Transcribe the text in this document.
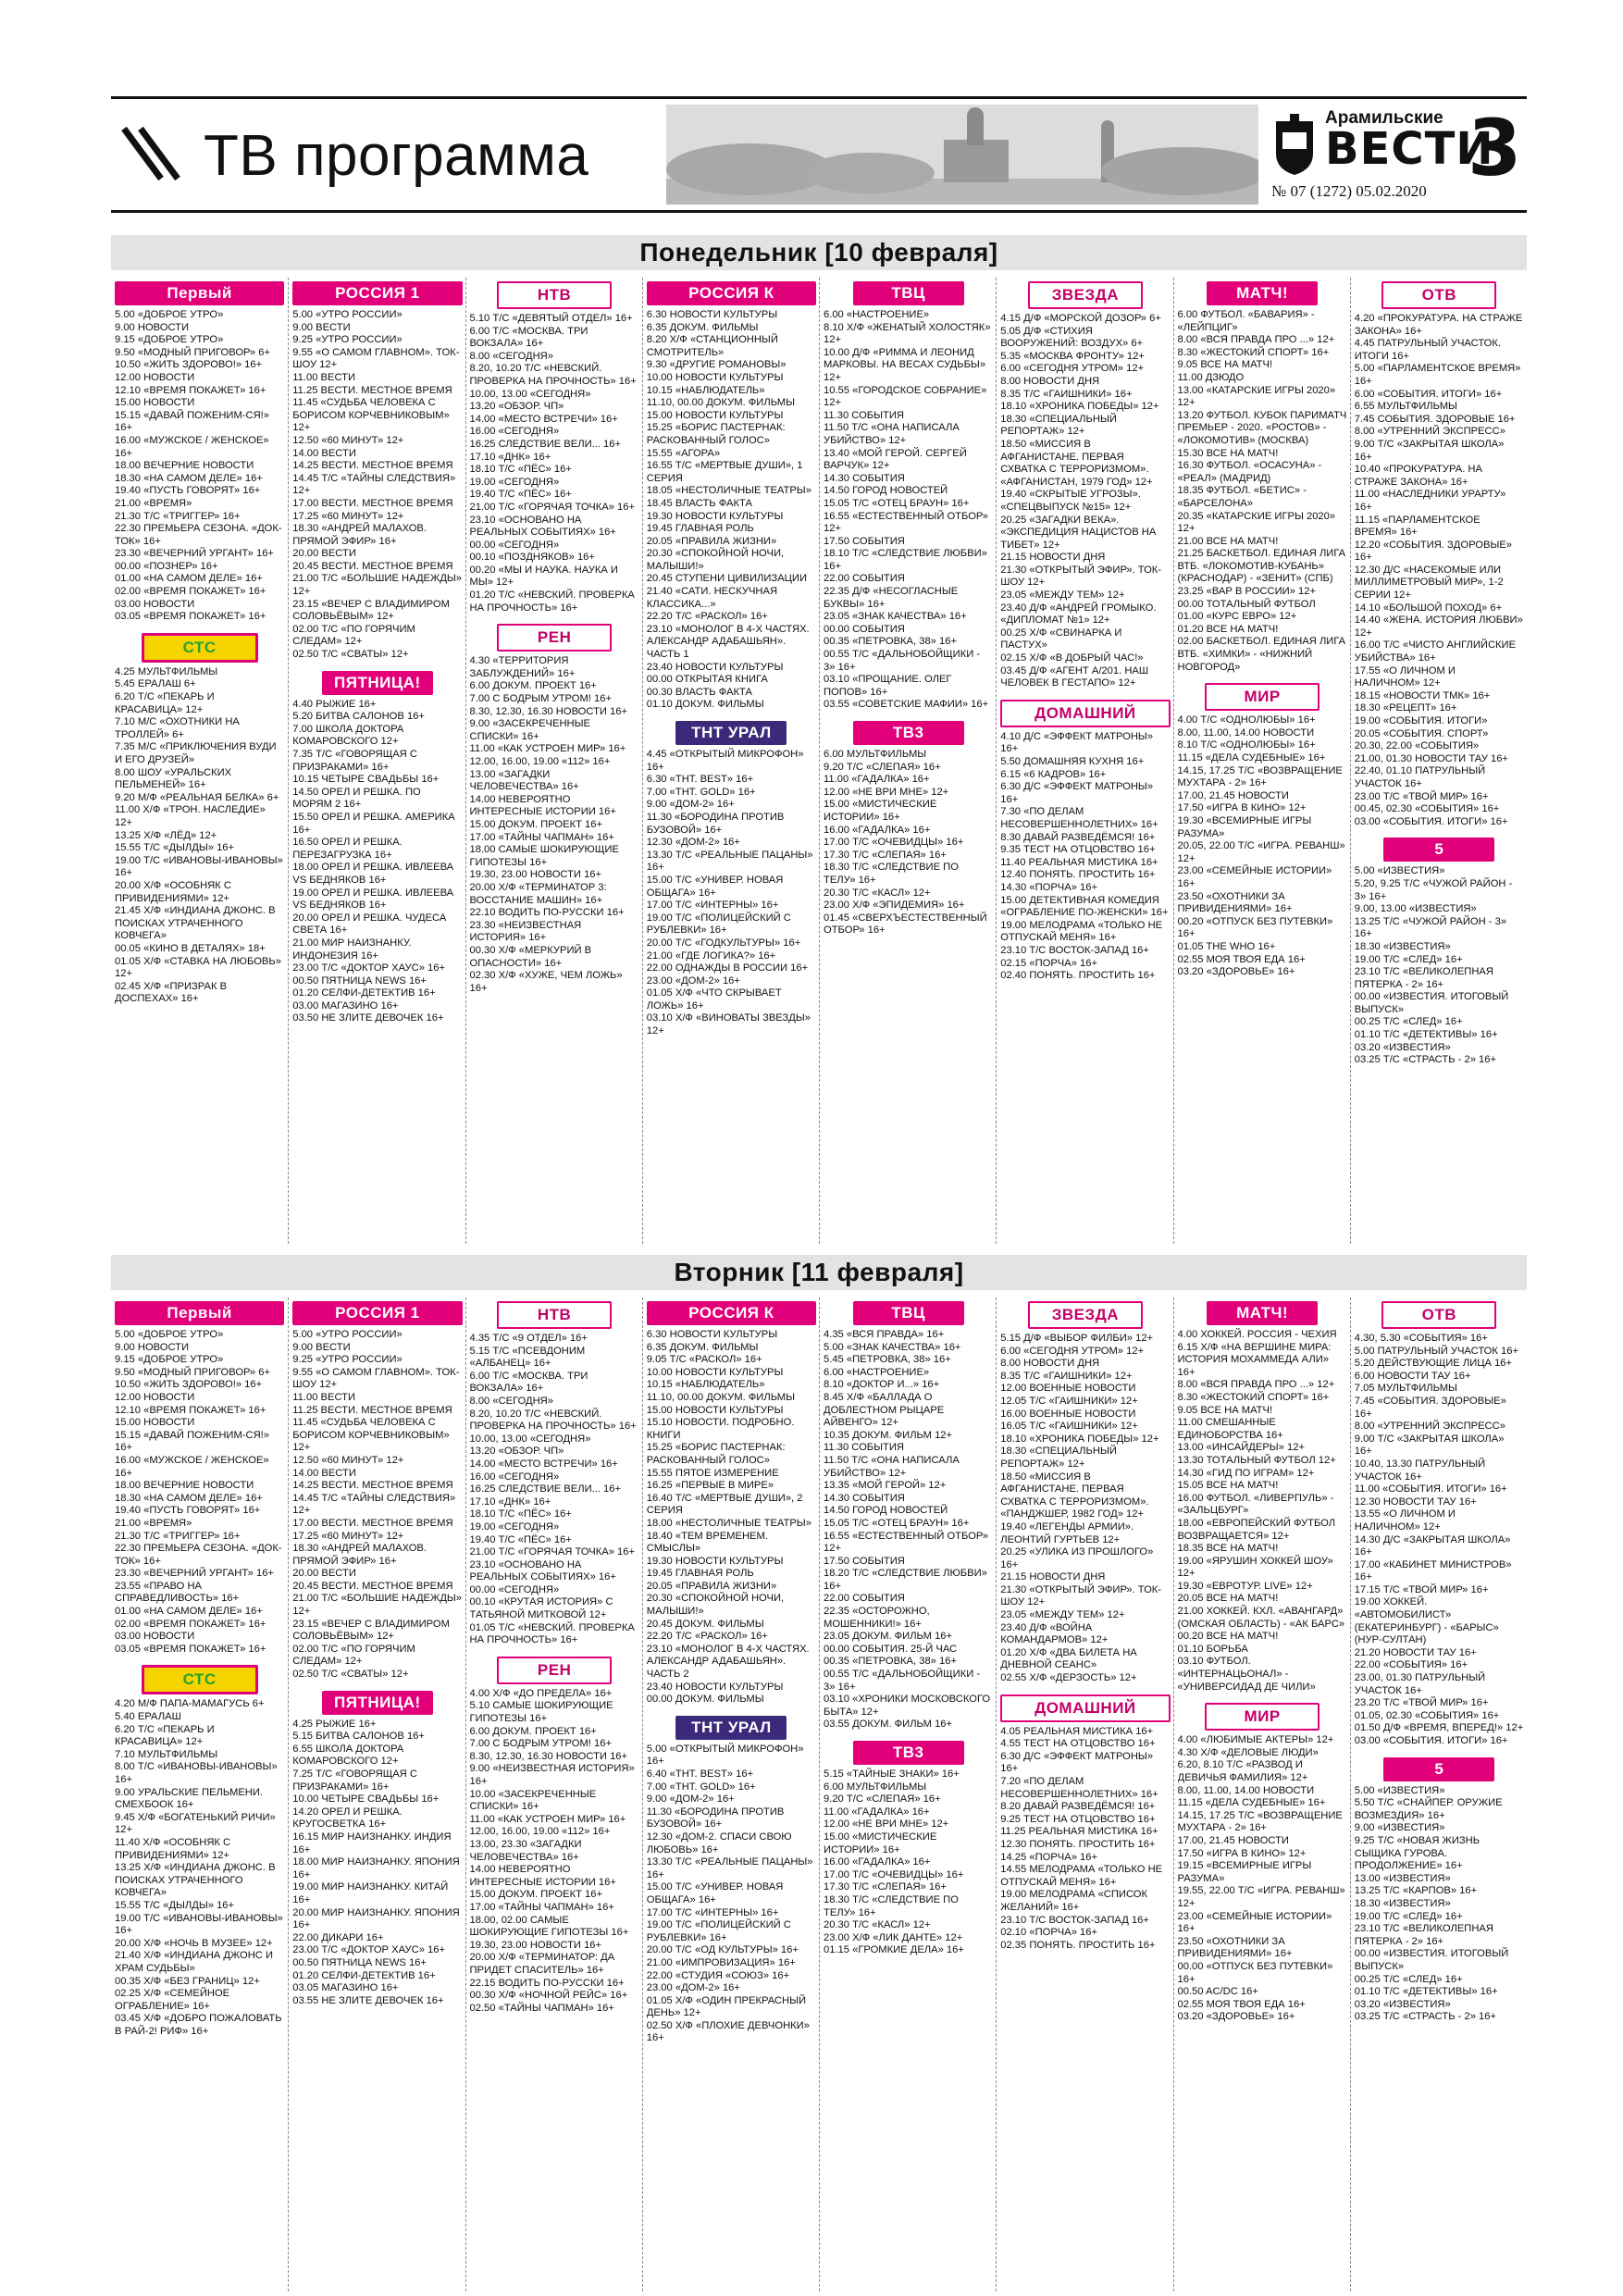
ТВ программа
Арамильские
ВЕСТИ
№ 07 (1272) 05.02.2020 3
Понедельник [10 февраля]
Первый
5.00 «ДОБРОЕ УТРО»
9.00 НОВОСТИ
9.15 «ДОБРОЕ УТРО»
9.50 «МОДНЫЙ ПРИГОВОР» 6+
10.50 «ЖИТЬ ЗДОРОВО!» 16+
12.00 НОВОСТИ
12.10 «ВРЕМЯ ПОКАЖЕТ» 16+
15.00 НОВОСТИ
15.15 «ДАВАЙ ПОЖЕНИМ-СЯ!» 16+
16.00 «МУЖСКОЕ / ЖЕНСКОЕ» 16+
18.00 ВЕЧЕРНИЕ НОВОСТИ
18.30 «НА САМОМ ДЕЛЕ» 16+
19.40 «ПУСТЬ ГОВОРЯТ» 16+
21.00 «ВРЕМЯ»
21.30 Т/С «ТРИГГЕР» 16+
22.30 ПРЕМЬЕРА СЕЗОНА. «ДОК-ТОК» 16+
23.30 «ВЕЧЕРНИЙ УРГАНТ» 16+
00.00 «ПОЗНЕР» 16+
01.00 «НА САМОМ ДЕЛЕ» 16+
02.00 «ВРЕМЯ ПОКАЖЕТ» 16+
03.00 НОВОСТИ
03.05 «ВРЕМЯ ПОКАЖЕТ» 16+
СТС
4.25 МУЛЬТФИЛЬМЫ
5.45 ЕРАЛАШ 6+
6.20 Т/С «ПЕКАРЬ И КРАСАВИЦА» 12+
7.10 М/С «ОХОТНИКИ НА ТРОЛЛЕЙ» 6+
7.35 М/С «ПРИКЛЮЧЕНИЯ ВУДИ И ЕГО ДРУЗЕЙ»
8.00 ШОУ «УРАЛЬСКИХ ПЕЛЬМЕНЕЙ» 16+
9.20 М/Ф «РЕАЛЬНАЯ БЕЛКА» 6+
11.00 Х/Ф «ТРОН. НАСЛЕДИЕ» 12+
13.25 Х/Ф «ЛЁД» 12+
15.55 Т/С «ДЫЛДЫ» 16+
19.00 Т/С «ИВАНОВЫ-ИВАНОВЫ» 16+
20.00 Х/Ф «ОСОБНЯК С ПРИВИДЕНИЯМИ» 12+
21.45 Х/Ф «ИНДИАНА ДЖОНС. В ПОИСКАХ УТРАЧЕННОГО КОВЧЕГА»
00.05 «КИНО В ДЕТАЛЯХ» 18+
01.05 Х/Ф «СТАВКА НА ЛЮБОВЬ» 12+
02.45 Х/Ф «ПРИЗРАК В ДОСПЕХАХ» 16+
РОССИЯ 1
5.00 «УТРО РОССИИ»
9.00 ВЕСТИ
9.25 «УТРО РОССИИ»
9.55 «О САМОМ ГЛАВНОМ». ТОК-ШОУ 12+
11.00 ВЕСТИ
11.25 ВЕСТИ. МЕСТНОЕ ВРЕМЯ
11.45 «СУДЬБА ЧЕЛОВЕКА С БОРИСОМ КОРЧЕВНИКОВЫМ» 12+
12.50 «60 МИНУТ» 12+
14.00 ВЕСТИ
14.25 ВЕСТИ. МЕСТНОЕ ВРЕМЯ
14.45 Т/С «ТАЙНЫ СЛЕДСТВИЯ» 12+
17.00 ВЕСТИ. МЕСТНОЕ ВРЕМЯ
17.25 «60 МИНУТ» 12+
18.30 «АНДРЕЙ МАЛАХОВ. ПРЯМОЙ ЭФИР» 16+
20.00 ВЕСТИ
20.45 ВЕСТИ. МЕСТНОЕ ВРЕМЯ
21.00 Т/С «БОЛЬШИЕ НАДЕЖДЫ» 12+
23.15 «ВЕЧЕР С ВЛАДИМИРОМ СОЛОВЬЁВЫМ» 12+
02.00 Т/С «ПО ГОРЯЧИМ СЛЕДАМ» 12+
02.50 Т/С «СВАТЫ» 12+
ПЯТНИЦА!
4.40 РЫЖИЕ 16+
5.20 БИТВА САЛОНОВ 16+
7.00 ШКОЛА ДОКТОРА КОМАРОВСКОГО 12+
7.35 Т/С «ГОВОРЯЩАЯ С ПРИЗРАКАМИ» 16+
10.15 ЧЕТЫРЕ СВАДЬБЫ 16+
14.50 ОРЕЛ И РЕШКА. ПО МОРЯМ 2 16+
15.50 ОРЕЛ И РЕШКА. АМЕРИКА 16+
16.50 ОРЕЛ И РЕШКА. ПЕРЕЗАГРУЗКА 16+
18.00 ОРЕЛ И РЕШКА. ИВЛЕЕВА VS БЕДНЯКОВ 16+
19.00 ОРЕЛ И РЕШКА. ИВЛЕЕВА VS БЕДНЯКОВ 16+
20.00 ОРЕЛ И РЕШКА. ЧУДЕСА СВЕТА 16+
21.00 МИР НАИЗНАНКУ. ИНДОНЕЗИЯ 16+
23.00 Т/С «ДОКТОР ХАУС» 16+
00.50 ПЯТНИЦА NEWS 16+
01.20 СЕЛФИ-ДЕТЕКТИВ 16+
03.00 МАГАЗИНО 16+
03.50 НЕ ЗЛИТЕ ДЕВОЧЕК 16+
НТВ
5.10 Т/С «ДЕВЯТЫЙ ОТДЕЛ» 16+
6.00 Т/С «МОСКВА. ТРИ ВОКЗАЛА» 16+
8.00 «СЕГОДНЯ»
8.20, 10.20 Т/С «НЕВСКИЙ. ПРОВЕРКА НА ПРОЧНОСТЬ» 16+
10.00, 13.00 «СЕГОДНЯ»
13.20 «ОБЗОР. ЧП»
14.00 «МЕСТО ВСТРЕЧИ» 16+
16.00 «СЕГОДНЯ»
16.25 СЛЕДСТВИЕ ВЕЛИ... 16+
17.10 «ДНК» 16+
18.10 Т/С «ПЁС» 16+
19.00 «СЕГОДНЯ»
19.40 Т/С «ПЁС» 16+
21.00 Т/С «ГОРЯЧАЯ ТОЧКА» 16+
23.10 «ОСНОВАНО НА РЕАЛЬНЫХ СОБЫТИЯХ» 16+
00.00 «СЕГОДНЯ»
00.10 «ПОЗДНЯКОВ» 16+
00.20 «МЫ И НАУКА. НАУКА И МЫ» 12+
01.20 Т/С «НЕВСКИЙ. ПРОВЕРКА НА ПРОЧНОСТЬ» 16+
РЕН
4.30 «ТЕРРИТОРИЯ ЗАБЛУЖДЕНИЙ» 16+
6.00 ДОКУМ. ПРОЕКТ 16+
7.00 С БОДРЫМ УТРОМ! 16+
8.30, 12.30, 16.30 НОВОСТИ 16+
9.00 «ЗАСЕКРЕЧЕННЫЕ СПИСКИ» 16+
11.00 «КАК УСТРОЕН МИР» 16+
12.00, 16.00, 19.00 «112» 16+
13.00 «ЗАГАДКИ ЧЕЛОВЕЧЕСТВА» 16+
14.00 НЕВЕРОЯТНО ИНТЕРЕСНЫЕ ИСТОРИИ 16+
15.00 ДОКУМ. ПРОЕКТ 16+
17.00 «ТАЙНЫ ЧАПМАН» 16+
18.00 САМЫЕ ШОКИРУЮЩИЕ ГИПОТЕЗЫ 16+
19.30, 23.00 НОВОСТИ 16+
20.00 Х/Ф «ТЕРМИНАТОР 3: ВОССТАНИЕ МАШИН» 16+
22.10 ВОДИТЬ ПО-РУССКИ 16+
23.30 «НЕИЗВЕСТНАЯ ИСТОРИЯ» 16+
00.30 Х/Ф «МЕРКУРИЙ В ОПАСНОСТИ» 16+
02.30 Х/Ф «ХУЖЕ, ЧЕМ ЛОЖЬ» 16+
РОССИЯ К
6.30 НОВОСТИ КУЛЬТУРЫ
6.35 ДОКУМ. ФИЛЬМЫ
8.20 Х/Ф «СТАНЦИОННЫЙ СМОТРИТЕЛЬ»
9.30 «ДРУГИЕ РОМАНОВЫ»
10.00 НОВОСТИ КУЛЬТУРЫ
10.15 «НАБЛЮДАТЕЛЬ»
11.10, 00.00 ДОКУМ. ФИЛЬМЫ
15.00 НОВОСТИ КУЛЬТУРЫ
15.25 «БОРИС ПАСТЕРНАК: РАСКОВАННЫЙ ГОЛОС»
15.55 «АГОРА»
16.55 Т/С «МЕРТВЫЕ ДУШИ», 1 СЕРИЯ
18.05 «НЕСТОЛИЧНЫЕ ТЕАТРЫ»
18.45 ВЛАСТЬ ФАКТА
19.30 НОВОСТИ КУЛЬТУРЫ
19.45 ГЛАВНАЯ РОЛЬ
20.05 «ПРАВИЛА ЖИЗНИ»
20.30 «СПОКОЙНОЙ НОЧИ, МАЛЫШИ!»
20.45 СТУПЕНИ ЦИВИЛИЗАЦИИ
21.40 «САТИ. НЕСКУЧНАЯ КЛАССИКА...»
22.20 Т/С «РАСКОЛ» 16+
23.10 «МОНОЛОГ В 4-Х ЧАСТЯХ. АЛЕКСАНДР АДАБАШЬЯН». ЧАСТЬ 1
23.40 НОВОСТИ КУЛЬТУРЫ
00.00 ОТКРЫТАЯ КНИГА
00.30 ВЛАСТЬ ФАКТА
01.10 ДОКУМ. ФИЛЬМЫ
ТНТ УРАЛ
4.45 «ОТКРЫТЫЙ МИКРОФОН» 16+
6.30 «ТНТ. BEST» 16+
7.00 «ТНТ. GOLD» 16+
9.00 «ДОМ-2» 16+
11.30 «БОРОДИНА ПРОТИВ БУЗОВОЙ» 16+
12.30 «ДОМ-2» 16+
13.30 Т/С «РЕАЛЬНЫЕ ПАЦАНЫ» 16+
15.00 Т/С «УНИВЕР. НОВАЯ ОБЩАГА» 16+
17.00 Т/С «ИНТЕРНЫ» 16+
19.00 Т/С «ПОЛИЦЕЙСКИЙ С РУБЛЕВКИ» 16+
20.00 Т/С «ГОДКУЛЬТУРЫ» 16+
21.00 «ГДЕ ЛОГИКА?» 16+
22.00 ОДНАЖДЫ В РОССИИ 16+
23.00 «ДОМ-2» 16+
01.05 Х/Ф «ЧТО СКРЫВАЕТ ЛОЖЬ» 16+
03.10 Х/Ф «ВИНОВАТЫ ЗВЕЗДЫ» 12+
ТВЦ
6.00 «НАСТРОЕНИЕ»
8.10 Х/Ф «ЖЕНАТЫЙ ХОЛОСТЯК» 12+
10.00 Д/Ф «РИММА И ЛЕОНИД МАРКОВЫ. НА ВЕСАХ СУДЬБЫ» 12+
10.55 «ГОРОДСКОЕ СОБРАНИЕ» 12+
11.30 СОБЫТИЯ
11.50 Т/С «ОНА НАПИСАЛА УБИЙСТВО» 12+
13.40 «МОЙ ГЕРОЙ. СЕРГЕЙ ВАРЧУК» 12+
14.30 СОБЫТИЯ
14.50 ГОРОД НОВОСТЕЙ
15.05 Т/С «ОТЕЦ БРАУН» 16+
16.55 «ЕСТЕСТВЕННЫЙ ОТБОР» 12+
17.50 СОБЫТИЯ
18.10 Т/С «СЛЕДСТВИЕ ЛЮБВИ» 16+
22.00 СОБЫТИЯ
22.35 Д/Ф «НЕСОГЛАСНЫЕ БУКВЫ» 16+
23.05 «ЗНАК КАЧЕСТВА» 16+
00.00 СОБЫТИЯ
00.35 «ПЕТРОВКА, 38» 16+
00.55 Т/С «ДАЛЬНОБОЙЩИКИ - 3» 16+
03.10 «ПРОЩАНИЕ. ОЛЕГ ПОПОВ» 16+
03.55 «СОВЕТСКИЕ МАФИИ» 16+
ТВ3
6.00 МУЛЬТФИЛЬМЫ
9.20 Т/С «СЛЕПАЯ» 16+
11.00 «ГАДАЛКА» 16+
12.00 «НЕ ВРИ МНЕ» 12+
15.00 «МИСТИЧЕСКИЕ ИСТОРИИ» 16+
16.00 «ГАДАЛКА» 16+
17.00 Т/С «ОЧЕВИДЦЫ» 16+
17.30 Т/С «СЛЕПАЯ» 16+
18.30 Т/С «СЛЕДСТВИЕ ПО ТЕЛУ» 16+
20.30 Т/С «КАСЛ» 12+
23.00 Х/Ф «ЭПИДЕМИЯ» 16+
01.45 «СВЕРХЪЕСТЕСТВЕННЫЙ ОТБОР» 16+
ЗВЕЗДА
4.15 Д/Ф «МОРСКОЙ ДОЗОР» 6+
5.05 Д/Ф «СТИХИЯ ВООРУЖЕНИЙ: ВОЗДУХ» 6+
5.35 «МОСКВА ФРОНТУ» 12+
6.00 «СЕГОДНЯ УТРОМ» 12+
8.00 НОВОСТИ ДНЯ
8.35 Т/С «ГАИШНИКИ» 16+
18.10 «ХРОНИКА ПОБЕДЫ» 12+
18.30 «СПЕЦИАЛЬНЫЙ РЕПОРТАЖ» 12+
18.50 «МИССИЯ В АФГАНИСТАНЕ. ПЕРВАЯ СХВАТКА С ТЕРРОРИЗМОМ». «АФГАНИСТАН, 1979 ГОД» 12+
19.40 «СКРЫТЫЕ УГРОЗЫ». «СПЕЦВЫПУСК №15» 12+
20.25 «ЗАГАДКИ ВЕКА». «ЭКСПЕДИЦИЯ НАЦИСТОВ НА ТИБЕТ» 12+
21.15 НОВОСТИ ДНЯ
21.30 «ОТКРЫТЫЙ ЭФИР». ТОК-ШОУ 12+
23.05 «МЕЖДУ ТЕМ» 12+
23.40 Д/Ф «АНДРЕЙ ГРОМЫКО. «ДИПЛОМАТ №1» 12+
00.25 Х/Ф «СВИНАРКА И ПАСТУХ»
02.15 Х/Ф «В ДОБРЫЙ ЧАС!»
03.45 Д/Ф «АГЕНТ А/201. НАШ ЧЕЛОВЕК В ГЕСТАПО» 12+
ДОМАШНИЙ
4.10 Д/С «ЭФФЕКТ МАТРОНЫ» 16+
5.50 ДОМАШНЯЯ КУХНЯ 16+
6.15 «6 КАДРОВ» 16+
6.30 Д/С «ЭФФЕКТ МАТРОНЫ» 16+
7.30 «ПО ДЕЛАМ НЕСОВЕРШЕННОЛЕТНИХ» 16+
8.30 ДАВАЙ РАЗВЕДЁМСЯ! 16+
9.35 ТЕСТ НА ОТЦОВСТВО 16+
11.40 РЕАЛЬНАЯ МИСТИКА 16+
12.40 ПОНЯТЬ. ПРОСТИТЬ 16+
14.30 «ПОРЧА» 16+
15.00 ДЕТЕКТИВНАЯ КОМЕДИЯ «ОГРАБЛЕНИЕ ПО-ЖЕНСКИ» 16+
19.00 МЕЛОДРАМА «ТОЛЬКО НЕ ОТПУСКАЙ МЕНЯ» 16+
23.10 Т/С ВОСТОК-ЗАПАД 16+
02.15 «ПОРЧА» 16+
02.40 ПОНЯТЬ. ПРОСТИТЬ 16+
МАТЧ!
6.00 ФУТБОЛ. «БАВАРИЯ» - «ЛЕЙПЦИГ»
8.00 «ВСЯ ПРАВДА ПРО ...» 12+
8.30 «ЖЕСТОКИЙ СПОРТ» 16+
9.05 ВСЕ НА МАТЧ!
11.00 ДЗЮДО
13.00 «КАТАРСКИЕ ИГРЫ 2020» 12+
13.20 ФУТБОЛ. КУБОК ПАРИМАТЧ ПРЕМЬЕР - 2020. «РОСТОВ» - «ЛОКОМОТИВ» (МОСКВА)
15.30 ВСЕ НА МАТЧ!
16.30 ФУТБОЛ. «ОСАСУНА» - «РЕАЛ» (МАДРИД)
18.35 ФУТБОЛ. «БЕТИС» - «БАРСЕЛОНА»
20.35 «КАТАРСКИЕ ИГРЫ 2020» 12+
21.00 ВСЕ НА МАТЧ!
21.25 БАСКЕТБОЛ. ЕДИНАЯ ЛИГА ВТБ. «ЛОКОМОТИВ-КУБАНЬ» (КРАСНОДАР) - «ЗЕНИТ» (СПБ)
23.25 «ВАР В РОССИИ» 12+
00.00 ТОТАЛЬНЫЙ ФУТБОЛ
01.00 «КУРС ЕВРО» 12+
01.20 ВСЕ НА МАТЧ!
02.00 БАСКЕТБОЛ. ЕДИНАЯ ЛИГА ВТБ. «ХИМКИ» - «НИЖНИЙ НОВГОРОД»
МИР
4.00 Т/С «ОДНОЛЮБЫ» 16+
8.00, 11.00, 14.00 НОВОСТИ
8.10 Т/С «ОДНОЛЮБЫ» 16+
11.15 «ДЕЛА СУДЕБНЫЕ» 16+
14.15, 17.25 Т/С «ВОЗВРАЩЕНИЕ МУХТАРА - 2» 16+
17.00, 21.45 НОВОСТИ
17.50 «ИГРА В КИНО» 12+
19.30 «ВСЕМИРНЫЕ ИГРЫ РАЗУМА»
20.05, 22.00 Т/С «ИГРА. РЕВАНШ» 12+
23.00 «СЕМЕЙНЫЕ ИСТОРИИ» 16+
23.50 «ОХОТНИКИ ЗА ПРИВИДЕНИЯМИ» 16+
00.20 «ОТПУСК БЕЗ ПУТЕВКИ» 16+
01.05 THE WHO 16+
02.55 МОЯ ТВОЯ ЕДА 16+
03.20 «ЗДОРОВЬЕ» 16+
ОТВ
4.20 «ПРОКУРАТУРА. НА СТРАЖЕ ЗАКОНА» 16+
4.45 ПАТРУЛЬНЫЙ УЧАСТОК. ИТОГИ 16+
5.00 «ПАРЛАМЕНТСКОЕ ВРЕМЯ» 16+
6.00 «СОБЫТИЯ. ИТОГИ» 16+
6.55 МУЛЬТФИЛЬМЫ
7.45 СОБЫТИЯ. ЗДОРОВЫЕ 16+
8.00 «УТРЕННИЙ ЭКСПРЕСС»
9.00 Т/С «ЗАКРЫТАЯ ШКОЛА» 16+
10.40 «ПРОКУРАТУРА. НА СТРАЖЕ ЗАКОНА» 16+
11.00 «НАСЛЕДНИКИ УРАРТУ» 16+
11.15 «ПАРЛАМЕНТСКОЕ ВРЕМЯ» 16+
12.20 «СОБЫТИЯ. ЗДОРОВЫЕ» 16+
12.30 Д/С «НАСЕКОМЫЕ ИЛИ МИЛЛИМЕТРОВЫЙ МИР», 1-2 СЕРИИ 12+
14.10 «БОЛЬШОЙ ПОХОД» 6+
14.40 «ЖЕНА. ИСТОРИЯ ЛЮБВИ» 12+
16.00 Т/С «ЧИСТО АНГЛИЙСКИЕ УБИЙСТВА» 16+
17.55 «О ЛИЧНОМ И НАЛИЧНОМ» 12+
18.15 «НОВОСТИ ТМК» 16+
18.30 «РЕЦЕПТ» 16+
19.00 «СОБЫТИЯ. ИТОГИ»
20.05 «СОБЫТИЯ. СПОРТ»
20.30, 22.00 «СОБЫТИЯ»
21.00, 01.30 НОВОСТИ ТАУ 16+
22.40, 01.10 ПАТРУЛЬНЫЙ УЧАСТОК 16+
23.00 Т/С «ТВОЙ МИР» 16+
00.45, 02.30 «СОБЫТИЯ» 16+
03.00 «СОБЫТИЯ. ИТОГИ» 16+
5
5.00 «ИЗВЕСТИЯ»
5.20, 9.25 Т/С «ЧУЖОЙ РАЙОН - 3» 16+
9.00, 13.00 «ИЗВЕСТИЯ»
13.25 Т/С «ЧУЖОЙ РАЙОН - 3» 16+
18.30 «ИЗВЕСТИЯ»
19.00 Т/С «СЛЕД» 16+
23.10 Т/С «ВЕЛИКОЛЕПНАЯ ПЯТЕРКА - 2» 16+
00.00 «ИЗВЕСТИЯ. ИТОГОВЫЙ ВЫПУСК»
00.25 Т/С «СЛЕД» 16+
01.10 Т/С «ДЕТЕКТИВЫ» 16+
03.20 «ИЗВЕСТИЯ»
03.25 Т/С «СТРАСТЬ - 2» 16+
Вторник [11 февраля]
Первый
5.00 «ДОБРОЕ УТРО»
9.00 НОВОСТИ
9.15 «ДОБРОЕ УТРО»
9.50 «МОДНЫЙ ПРИГОВОР» 6+
10.50 «ЖИТЬ ЗДОРОВО!» 16+
12.00 НОВОСТИ
12.10 «ВРЕМЯ ПОКАЖЕТ» 16+
15.00 НОВОСТИ
15.15 «ДАВАЙ ПОЖЕНИМ-СЯ!» 16+
16.00 «МУЖСКОЕ / ЖЕНСКОЕ» 16+
18.00 ВЕЧЕРНИЕ НОВОСТИ
18.30 «НА САМОМ ДЕЛЕ» 16+
19.40 «ПУСТЬ ГОВОРЯТ» 16+
21.00 «ВРЕМЯ»
21.30 Т/С «ТРИГГЕР» 16+
22.30 ПРЕМЬЕРА СЕЗОНА. «ДОК-ТОК» 16+
23.30 «ВЕЧЕРНИЙ УРГАНТ» 16+
23.55 «ПРАВО НА СПРАВЕДЛИВОСТЬ» 16+
01.00 «НА САМОМ ДЕЛЕ» 16+
02.00 «ВРЕМЯ ПОКАЖЕТ» 16+
03.00 НОВОСТИ
03.05 «ВРЕМЯ ПОКАЖЕТ» 16+
СТС
4.20 М/Ф ПАПА-МАМАГУСЬ 6+
5.40 ЕРАЛАШ
6.20 Т/С «ПЕКАРЬ И КРАСАВИЦА» 12+
7.10 МУЛЬТФИЛЬМЫ
8.00 Т/С «ИВАНОВЫ-ИВАНОВЫ» 16+
9.00 УРАЛЬСКИЕ ПЕЛЬМЕНИ. СМЕХБООК 16+
9.45 Х/Ф «БОГАТЕНЬКИЙ РИЧИ» 12+
11.40 Х/Ф «ОСОБНЯК С ПРИВИДЕНИЯМИ» 12+
13.25 Х/Ф «ИНДИАНА ДЖОНС. В ПОИСКАХ УТРАЧЕННОГО КОВЧЕГА»
15.55 Т/С «ДЫЛДЫ» 16+
19.00 Т/С «ИВАНОВЫ-ИВАНОВЫ» 16+
20.00 Х/Ф «НОЧЬ В МУЗЕЕ» 12+
21.40 Х/Ф «ИНДИАНА ДЖОНС И ХРАМ СУДЬБЫ»
00.35 Х/Ф «БЕЗ ГРАНИЦ» 12+
02.25 Х/Ф «СЕМЕЙНОЕ ОГРАБЛЕНИЕ» 16+
03.45 Х/Ф «ДОБРО ПОЖАЛОВАТЬ В РАЙ-2! РИФ» 16+
РОССИЯ 1
5.00 «УТРО РОССИИ»
9.00 ВЕСТИ
9.25 «УТРО РОССИИ»
9.55 «О САМОМ ГЛАВНОМ». ТОК-ШОУ 12+
11.00 ВЕСТИ
11.25 ВЕСТИ. МЕСТНОЕ ВРЕМЯ
11.45 «СУДЬБА ЧЕЛОВЕКА С БОРИСОМ КОРЧЕВНИКОВЫМ» 12+
12.50 «60 МИНУТ» 12+
14.00 ВЕСТИ
14.25 ВЕСТИ. МЕСТНОЕ ВРЕМЯ
14.45 Т/С «ТАЙНЫ СЛЕДСТВИЯ» 12+
17.00 ВЕСТИ. МЕСТНОЕ ВРЕМЯ
17.25 «60 МИНУТ» 12+
18.30 «АНДРЕЙ МАЛАХОВ. ПРЯМОЙ ЭФИР» 16+
20.00 ВЕСТИ
20.45 ВЕСТИ. МЕСТНОЕ ВРЕМЯ
21.00 Т/С «БОЛЬШИЕ НАДЕЖДЫ» 12+
23.15 «ВЕЧЕР С ВЛАДИМИРОМ СОЛОВЬЁВЫМ» 12+
02.00 Т/С «ПО ГОРЯЧИМ СЛЕДАМ» 12+
02.50 Т/С «СВАТЫ» 12+
ПЯТНИЦА!
4.25 РЫЖИЕ 16+
5.15 БИТВА САЛОНОВ 16+
6.55 ШКОЛА ДОКТОРА КОМАРОВСКОГО 12+
7.25 Т/С «ГОВОРЯЩАЯ С ПРИЗРАКАМИ» 16+
10.00 ЧЕТЫРЕ СВАДЬБЫ 16+
14.20 ОРЕЛ И РЕШКА. КРУГОСВЕТКА 16+
16.15 МИР НАИЗНАНКУ. ИНДИЯ 16+
18.00 МИР НАИЗНАНКУ. ЯПОНИЯ 16+
19.00 МИР НАИЗНАНКУ. КИТАЙ 16+
20.00 МИР НАИЗНАНКУ. ЯПОНИЯ 16+
22.00 ДИКАРИ 16+
23.00 Т/С «ДОКТОР ХАУС» 16+
00.50 ПЯТНИЦА NEWS 16+
01.20 СЕЛФИ-ДЕТЕКТИВ 16+
03.05 МАГАЗИНО 16+
03.55 НЕ ЗЛИТЕ ДЕВОЧЕК 16+
НТВ
4.35 Т/С «9 ОТДЕЛ» 16+
5.15 Т/С «ПСЕВДОНИМ «АЛБАНЕЦ» 16+
6.00 Т/С «МОСКВА. ТРИ ВОКЗАЛА» 16+
8.00 «СЕГОДНЯ»
8.20, 10.20 Т/С «НЕВСКИЙ. ПРОВЕРКА НА ПРОЧНОСТЬ» 16+
10.00, 13.00 «СЕГОДНЯ»
13.20 «ОБЗОР. ЧП»
14.00 «МЕСТО ВСТРЕЧИ» 16+
16.00 «СЕГОДНЯ»
16.25 СЛЕДСТВИЕ ВЕЛИ... 16+
17.10 «ДНК» 16+
18.10 Т/С «ПЁС» 16+
19.00 «СЕГОДНЯ»
19.40 Т/С «ПЁС» 16+
21.00 Т/С «ГОРЯЧАЯ ТОЧКА» 16+
23.10 «ОСНОВАНО НА РЕАЛЬНЫХ СОБЫТИЯХ» 16+
00.00 «СЕГОДНЯ»
00.10 «КРУТАЯ ИСТОРИЯ» С ТАТЬЯНОЙ МИТКОВОЙ 12+
01.05 Т/С «НЕВСКИЙ. ПРОВЕРКА НА ПРОЧНОСТЬ» 16+
РЕН
4.00 Х/Ф «ДО ПРЕДЕЛА» 16+
5.10 САМЫЕ ШОКИРУЮЩИЕ ГИПОТЕЗЫ 16+
6.00 ДОКУМ. ПРОЕКТ 16+
7.00 С БОДРЫМ УТРОМ! 16+
8.30, 12.30, 16.30 НОВОСТИ 16+
9.00 «НЕИЗВЕСТНАЯ ИСТОРИЯ» 16+
10.00 «ЗАСЕКРЕЧЕННЫЕ СПИСКИ» 16+
11.00 «КАК УСТРОЕН МИР» 16+
12.00, 16.00, 19.00 «112» 16+
13.00, 23.30 «ЗАГАДКИ ЧЕЛОВЕЧЕСТВА» 16+
14.00 НЕВЕРОЯТНО ИНТЕРЕСНЫЕ ИСТОРИИ 16+
15.00 ДОКУМ. ПРОЕКТ 16+
17.00 «ТАЙНЫ ЧАПМАН» 16+
18.00, 02.00 САМЫЕ ШОКИРУЮЩИЕ ГИПОТЕЗЫ 16+
19.30, 23.00 НОВОСТИ 16+
20.00 Х/Ф «ТЕРМИНАТОР: ДА ПРИДЕТ СПАСИТЕЛЬ» 16+
22.15 ВОДИТЬ ПО-РУССКИ 16+
00.30 Х/Ф «НОЧНОЙ РЕЙС» 16+
02.50 «ТАЙНЫ ЧАПМАН» 16+
РОССИЯ К
6.30 НОВОСТИ КУЛЬТУРЫ
6.35 ДОКУМ. ФИЛЬМЫ
9.05 Т/С «РАСКОЛ» 16+
10.00 НОВОСТИ КУЛЬТУРЫ
10.15 «НАБЛЮДАТЕЛЬ»
11.10, 00.00 ДОКУМ. ФИЛЬМЫ
15.00 НОВОСТИ КУЛЬТУРЫ
15.10 НОВОСТИ. ПОДРОБНО. КНИГИ
15.25 «БОРИС ПАСТЕРНАК: РАСКОВАННЫЙ ГОЛОС»
15.55 ПЯТОЕ ИЗМЕРЕНИЕ
16.25 «ПЕРВЫЕ В МИРЕ»
16.40 Т/С «МЕРТВЫЕ ДУШИ», 2 СЕРИЯ
18.00 «НЕСТОЛИЧНЫЕ ТЕАТРЫ»
18.40 «ТЕМ ВРЕМЕНЕМ. СМЫСЛЫ»
19.30 НОВОСТИ КУЛЬТУРЫ
19.45 ГЛАВНАЯ РОЛЬ
20.05 «ПРАВИЛА ЖИЗНИ»
20.30 «СПОКОЙНОЙ НОЧИ, МАЛЫШИ!»
20.45 ДОКУМ. ФИЛЬМЫ
22.20 Т/С «РАСКОЛ» 16+
23.10 «МОНОЛОГ В 4-Х ЧАСТЯХ. АЛЕКСАНДР АДАБАШЬЯН». ЧАСТЬ 2
23.40 НОВОСТИ КУЛЬТУРЫ
00.00 ДОКУМ. ФИЛЬМЫ
ТНТ УРАЛ
5.00 «ОТКРЫТЫЙ МИКРОФОН» 16+
6.40 «ТНТ. BEST» 16+
7.00 «ТНТ. GOLD» 16+
9.00 «ДОМ-2» 16+
11.30 «БОРОДИНА ПРОТИВ БУЗОВОЙ» 16+
12.30 «ДОМ-2. СПАСИ СВОЮ ЛЮБОВЬ» 16+
13.30 Т/С «РЕАЛЬНЫЕ ПАЦАНЫ» 16+
15.00 Т/С «УНИВЕР. НОВАЯ ОБЩАГА» 16+
17.00 Т/С «ИНТЕРНЫ» 16+
19.00 Т/С «ПОЛИЦЕЙСКИЙ С РУБЛЕВКИ» 16+
20.00 Т/С «ОД КУЛЬТУРЫ» 16+
21.00 «ИМПРОВИЗАЦИЯ» 16+
22.00 «СТУДИЯ «СОЮЗ» 16+
23.00 «ДОМ-2» 16+
01.05 Х/Ф «ОДИН ПРЕКРАСНЫЙ ДЕНЬ» 12+
02.50 Х/Ф «ПЛОХИЕ ДЕВЧОНКИ» 16+
ТВЦ
4.35 «ВСЯ ПРАВДА» 16+
5.00 «ЗНАК КАЧЕСТВА» 16+
5.45 «ПЕТРОВКА, 38» 16+
6.00 «НАСТРОЕНИЕ»
8.10 «ДОКТОР И...» 16+
8.45 Х/Ф «БАЛЛАДА О ДОБЛЕСТНОМ РЫЦАРЕ АЙВЕНГО» 12+
10.35 ДОКУМ. ФИЛЬМ 12+
11.30 СОБЫТИЯ
11.50 Т/С «ОНА НАПИСАЛА УБИЙСТВО» 12+
13.35 «МОЙ ГЕРОЙ» 12+
14.30 СОБЫТИЯ
14.50 ГОРОД НОВОСТЕЙ
15.05 Т/С «ОТЕЦ БРАУН» 16+
16.55 «ЕСТЕСТВЕННЫЙ ОТБОР» 12+
17.50 СОБЫТИЯ
18.20 Т/С «СЛЕДСТВИЕ ЛЮБВИ» 16+
22.00 СОБЫТИЯ
22.35 «ОСТОРОЖНО, МОШЕННИКИ!» 16+
23.05 ДОКУМ. ФИЛЬМ 16+
00.00 СОБЫТИЯ. 25-Й ЧАС
00.35 «ПЕТРОВКА, 38» 16+
00.55 Т/С «ДАЛЬНОБОЙЩИКИ - 3» 16+
03.10 «ХРОНИКИ МОСКОВСКОГО БЫТА» 12+
03.55 ДОКУМ. ФИЛЬМ 16+
ТВ3
5.15 «ТАЙНЫЕ ЗНАКИ» 16+
6.00 МУЛЬТФИЛЬМЫ
9.20 Т/С «СЛЕПАЯ» 16+
11.00 «ГАДАЛКА» 16+
12.00 «НЕ ВРИ МНЕ» 12+
15.00 «МИСТИЧЕСКИЕ ИСТОРИИ» 16+
16.00 «ГАДАЛКА» 16+
17.00 Т/С «ОЧЕВИДЦЫ» 16+
17.30 Т/С «СЛЕПАЯ» 16+
18.30 Т/С «СЛЕДСТВИЕ ПО ТЕЛУ» 16+
20.30 Т/С «КАСЛ» 12+
23.00 Х/Ф «ЛИК ДАНТЕ» 12+
01.15 «ГРОМКИЕ ДЕЛА» 16+
ЗВЕЗДА
5.15 Д/Ф «ВЫБОР ФИЛБИ» 12+
6.00 «СЕГОДНЯ УТРОМ» 12+
8.00 НОВОСТИ ДНЯ
8.35 Т/С «ГАИШНИКИ» 12+
12.00 ВОЕННЫЕ НОВОСТИ
12.05 Т/С «ГАИШНИКИ» 12+
16.00 ВОЕННЫЕ НОВОСТИ
16.05 Т/С «ГАИШНИКИ» 12+
18.10 «ХРОНИКА ПОБЕДЫ» 12+
18.30 «СПЕЦИАЛЬНЫЙ РЕПОРТАЖ» 12+
18.50 «МИССИЯ В АФГАНИСТАНЕ. ПЕРВАЯ СХВАТКА С ТЕРРОРИЗМОМ». «ПАНДЖШЕР, 1982 ГОД» 12+
19.40 «ЛЕГЕНДЫ АРМИИ». ЛЕОНТИЙ ГУРТЬЕВ 12+
20.25 «УЛИКА ИЗ ПРОШЛОГО» 16+
21.15 НОВОСТИ ДНЯ
21.30 «ОТКРЫТЫЙ ЭФИР». ТОК-ШОУ 12+
23.05 «МЕЖДУ ТЕМ» 12+
23.40 Д/Ф «ВОЙНА КОМАНДАРМОВ» 12+
01.20 Х/Ф «ДВА БИЛЕТА НА ДНЕВНОЙ СЕАНС»
02.55 Х/Ф «ДЕРЗОСТЬ» 12+
ДОМАШНИЙ
4.05 РЕАЛЬНАЯ МИСТИКА 16+
4.55 ТЕСТ НА ОТЦОВСТВО 16+
6.30 Д/С «ЭФФЕКТ МАТРОНЫ» 16+
7.20 «ПО ДЕЛАМ НЕСОВЕРШЕННОЛЕТНИХ» 16+
8.20 ДАВАЙ РАЗВЕДЁМСЯ! 16+
9.25 ТЕСТ НА ОТЦОВСТВО 16+
11.25 РЕАЛЬНАЯ МИСТИКА 16+
12.30 ПОНЯТЬ. ПРОСТИТЬ 16+
14.25 «ПОРЧА» 16+
14.55 МЕЛОДРАМА «ТОЛЬКО НЕ ОТПУСКАЙ МЕНЯ» 16+
19.00 МЕЛОДРАМА «СПИСОК ЖЕЛАНИЙ» 16+
23.10 Т/С ВОСТОК-ЗАПАД 16+
02.10 «ПОРЧА» 16+
02.35 ПОНЯТЬ. ПРОСТИТЬ 16+
МАТЧ!
4.00 ХОККЕЙ. РОССИЯ - ЧЕХИЯ
6.15 Х/Ф «НА ВЕРШИНЕ МИРА: ИСТОРИЯ МОХАММЕДА АЛИ» 16+
8.00 «ВСЯ ПРАВДА ПРО ...» 12+
8.30 «ЖЕСТОКИЙ СПОРТ» 16+
9.05 ВСЕ НА МАТЧ!
11.00 СМЕШАННЫЕ ЕДИНОБОРСТВА 16+
13.00 «ИНСАЙДЕРЫ» 12+
13.30 ТОТАЛЬНЫЙ ФУТБОЛ 12+
14.30 «ГИД ПО ИГРАМ» 12+
15.05 ВСЕ НА МАТЧ!
16.00 ФУТБОЛ. «ЛИВЕРПУЛЬ» - «ЗАЛЬЦБУРГ»
18.00 «ЕВРОПЕЙСКИЙ ФУТБОЛ ВОЗВРАЩАЕТСЯ» 12+
18.35 ВСЕ НА МАТЧ!
19.00 «ЯРУШИН ХОККЕЙ ШОУ» 12+
19.30 «ЕВРОТУР. LIVE» 12+
20.05 ВСЕ НА МАТЧ!
21.00 ХОККЕЙ. КХЛ. «АВАНГАРД» (ОМСКАЯ ОБЛАСТЬ) - «АК БАРС»
00.20 ВСЕ НА МАТЧ!
01.10 БОРЬБА
03.10 ФУТБОЛ. «ИНТЕРНАЦЬОНАЛ» - «УНИВЕРСИДАД ДЕ ЧИЛИ»
МИР
4.00 «ЛЮБИМЫЕ АКТЕРЫ» 12+
4.30 Х/Ф «ДЕЛОВЫЕ ЛЮДИ»
6.20, 8.10 Т/С «РАЗВОД И ДЕВИЧЬЯ ФАМИЛИЯ» 12+
8.00, 11.00, 14.00 НОВОСТИ
11.15 «ДЕЛА СУДЕБНЫЕ» 16+
14.15, 17.25 Т/С «ВОЗВРАЩЕНИЕ МУХТАРА - 2» 16+
17.00, 21.45 НОВОСТИ
17.50 «ИГРА В КИНО» 12+
19.15 «ВСЕМИРНЫЕ ИГРЫ РАЗУМА»
19.55, 22.00 Т/С «ИГРА. РЕВАНШ» 12+
23.00 «СЕМЕЙНЫЕ ИСТОРИИ» 16+
23.50 «ОХОТНИКИ ЗА ПРИВИДЕНИЯМИ» 16+
00.00 «ОТПУСК БЕЗ ПУТЕВКИ» 16+
00.50 AC/DC 16+
02.55 МОЯ ТВОЯ ЕДА 16+
03.20 «ЗДОРОВЬЕ» 16+
ОТВ
4.30, 5.30 «СОБЫТИЯ» 16+
5.00 ПАТРУЛЬНЫЙ УЧАСТОК 16+
5.20 ДЕЙСТВУЮЩИЕ ЛИЦА 16+
6.00 НОВОСТИ ТАУ 16+
7.05 МУЛЬТФИЛЬМЫ
7.45 «СОБЫТИЯ. ЗДОРОВЫЕ» 16+
8.00 «УТРЕННИЙ ЭКСПРЕСС»
9.00 Т/С «ЗАКРЫТАЯ ШКОЛА» 16+
10.40, 13.30 ПАТРУЛЬНЫЙ УЧАСТОК 16+
11.00 «СОБЫТИЯ. ИТОГИ» 16+
12.30 НОВОСТИ ТАУ 16+
13.55 «О ЛИЧНОМ И НАЛИЧНОМ» 12+
14.30 Д/С «ЗАКРЫТАЯ ШКОЛА» 16+
17.00 «КАБИНЕТ МИНИСТРОВ» 16+
17.15 Т/С «ТВОЙ МИР» 16+
19.00 ХОККЕЙ. «АВТОМОБИЛИСТ» (ЕКАТЕРИНБУРГ) - «БАРЫС» (НУР-СУЛТАН)
21.20 НОВОСТИ ТАУ 16+
22.00 «СОБЫТИЯ» 16+
23.00, 01.30 ПАТРУЛЬНЫЙ УЧАСТОК 16+
23.20 Т/С «ТВОЙ МИР» 16+
01.05, 02.30 «СОБЫТИЯ» 16+
01.50 Д/Ф «ВРЕМЯ, ВПЕРЕД!» 12+
03.00 «СОБЫТИЯ. ИТОГИ» 16+
5
5.00 «ИЗВЕСТИЯ»
5.50 Т/С «СНАЙПЕР. ОРУЖИЕ ВОЗМЕЗДИЯ» 16+
9.00 «ИЗВЕСТИЯ»
9.25 Т/С «НОВАЯ ЖИЗНЬ СЫЩИКА ГУРОВА. ПРОДОЛЖЕНИЕ» 16+
13.00 «ИЗВЕСТИЯ»
13.25 Т/С «КАРПОВ» 16+
18.30 «ИЗВЕСТИЯ»
19.00 Т/С «СЛЕД» 16+
23.10 Т/С «ВЕЛИКОЛЕПНАЯ ПЯТЕРКА - 2» 16+
00.00 «ИЗВЕСТИЯ. ИТОГОВЫЙ ВЫПУСК»
00.25 Т/С «СЛЕД» 16+
01.10 Т/С «ДЕТЕКТИВЫ» 16+
03.20 «ИЗВЕСТИЯ»
03.25 Т/С «СТРАСТЬ - 2» 16+
